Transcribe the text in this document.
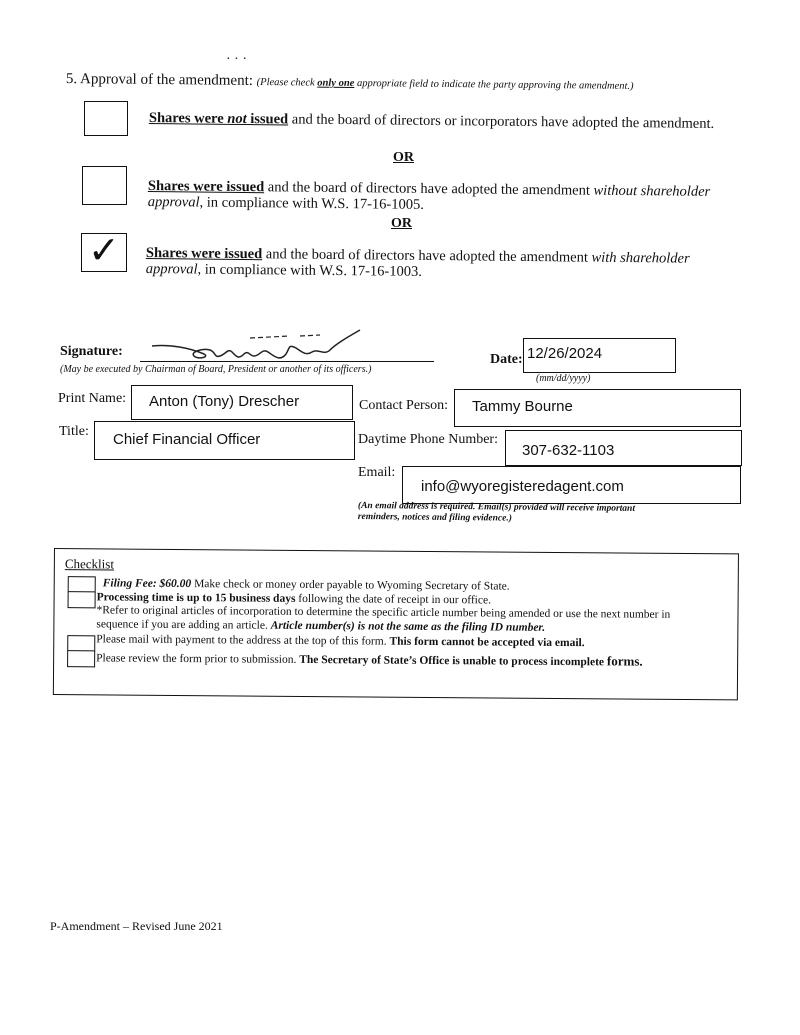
· · ·
5. Approval of the amendment: (Please check only one appropriate field to indicate the party approving the amendment.)
Shares were not issued and the board of directors or incorporators have adopted the amendment.
OR
Shares were issued and the board of directors have adopted the amendment without shareholder approval, in compliance with W.S. 17-16-1005.
OR
✓ Shares were issued and the board of directors have adopted the amendment with shareholder approval, in compliance with W.S. 17-16-1003.
Signature:
(May be executed by Chairman of Board, President or another of its officers.)
Date: 12/26/2024
(mm/dd/yyyy)
Print Name: Anton (Tony) Drescher	Contact Person: Tammy Bourne
Title: Chief Financial Officer	Daytime Phone Number:
307-632-1103
Email:
info@wyoregisteredagent.com
(An email address is required. Email(s) provided will receive important
reminders, notices and filing evidence.)
Checklist
Filing Fee: $60.00 Make check or money order payable to Wyoming Secretary of State.
Processing time is up to 15 business days following the date of receipt in our office.
*Refer to original articles of incorporation to determine the specific article number being amended or use the next number in
sequence if you are adding an article. Article number(s) is not the same as the filing ID number.
Please mail with payment to the address at the top of this form. This form cannot be accepted via email.
Please review the form prior to submission. The Secretary of State’s Office is unable to process incomplete forms.
P-Amendment – Revised June 2021
